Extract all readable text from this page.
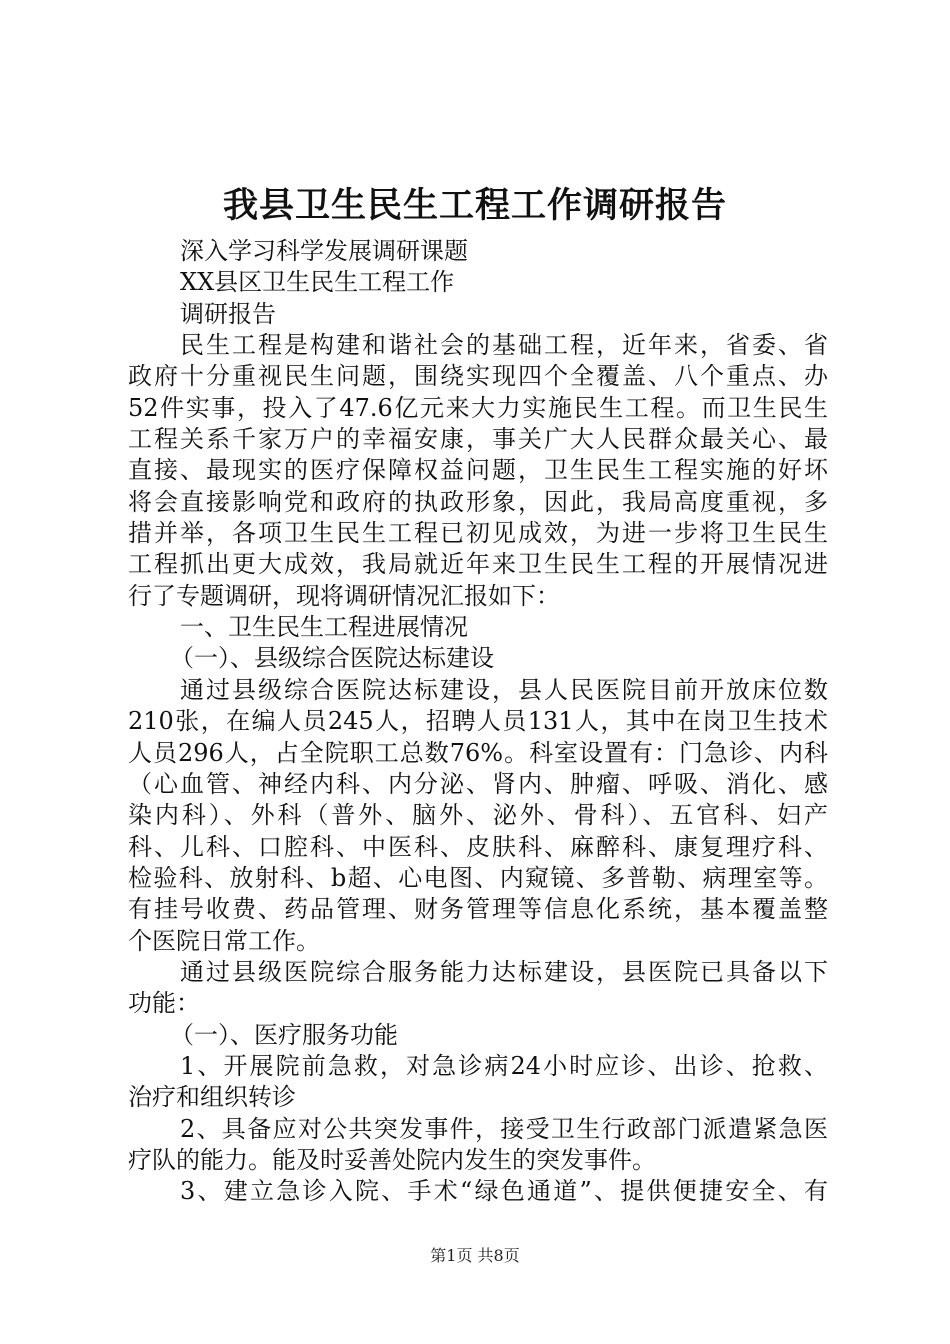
我县卫生民生工程工作调研报告
深入学习科学发展调研课题
XX县区卫生民生工程工作
调研报告
民生工程是构建和谐社会的基础工程，近年来，省委、省
政府十分重视民生问题，围绕实现四个全覆盖、八个重点、办
52件实事，投入了47.6亿元来大力实施民生工程。而卫生民生
工程关系千家万户的幸福安康，事关广大人民群众最关心、最
直接、最现实的医疗保障权益问题，卫生民生工程实施的好坏
将会直接影响党和政府的执政形象，因此，我局高度重视，多
措并举，各项卫生民生工程已初见成效，为进一步将卫生民生
工程抓出更大成效，我局就近年来卫生民生工程的开展情况进
行了专题调研，现将调研情况汇报如下：
一、卫生民生工程进展情况
（一）、县级综合医院达标建设
通过县级综合医院达标建设，县人民医院目前开放床位数
210张，在编人员245人，招聘人员131人，其中在岗卫生技术
人员296人，占全院职工总数76%。科室设置有：门急诊、内科
（心血管、神经内科、内分泌、肾内、肿瘤、呼吸、消化、感
染内科）、外科（普外、脑外、泌外、骨科）、五官科、妇产
科、儿科、口腔科、中医科、皮肤科、麻醉科、康复理疗科、
检验科、放射科、b超、心电图、内窥镜、多普勒、病理室等。
有挂号收费、药品管理、财务管理等信息化系统，基本覆盖整
个医院日常工作。
通过县级医院综合服务能力达标建设，县医院已具备以下
功能：
（一）、医疗服务功能
1、开展院前急救，对急诊病24小时应诊、出诊、抢救、
治疗和组织转诊
2、具备应对公共突发事件，接受卫生行政部门派遣紧急医
疗队的能力。能及时妥善处院内发生的突发事件。
3、建立急诊入院、手术“绿色通道”、提供便捷安全、有
第1页 共8页
